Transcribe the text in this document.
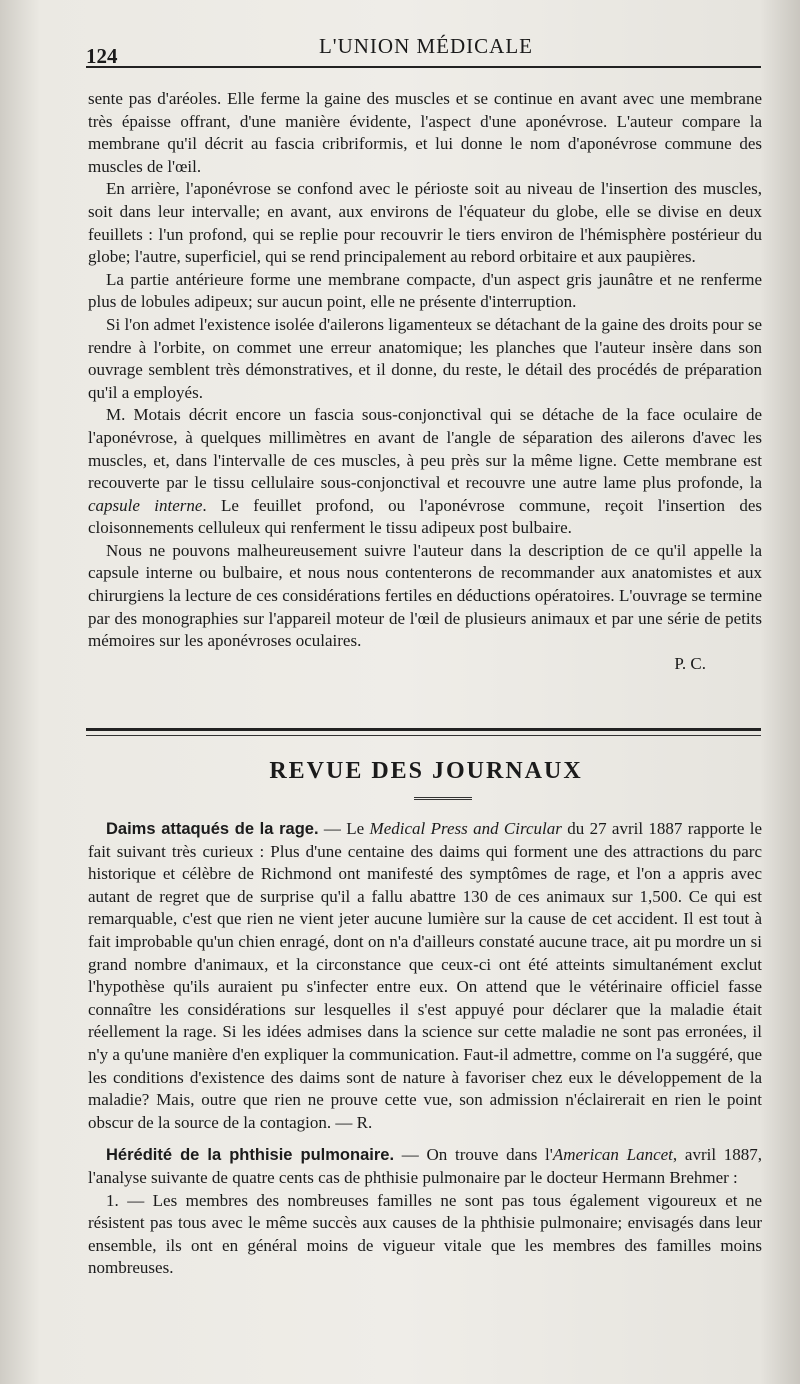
124	L'UNION MÉDICALE

sente pas d'aréoles. Elle ferme la gaine des muscles et se continue en avant avec une membrane très épaisse offrant, d'une manière évidente, l'aspect d'une aponévrose. L'auteur compare la membrane qu'il décrit au fascia cribriformis, et lui donne le nom d'aponévrose commune des muscles de l'œil.

En arrière, l'aponévrose se confond avec le périoste soit au niveau de l'insertion des muscles, soit dans leur intervalle; en avant, aux environs de l'équateur du globe, elle se divise en deux feuillets : l'un profond, qui se replie pour recouvrir le tiers environ de l'hémisphère postérieur du globe; l'autre, superficiel, qui se rend principalement au rebord orbitaire et aux paupières.

La partie antérieure forme une membrane compacte, d'un aspect gris jaunâtre et ne renferme plus de lobules adipeux; sur aucun point, elle ne présente d'interruption.

Si l'on admet l'existence isolée d'ailerons ligamenteux se détachant de la gaine des droits pour se rendre à l'orbite, on commet une erreur anatomique; les planches que l'auteur insère dans son ouvrage semblent très démonstratives, et il donne, du reste, le détail des procédés de préparation qu'il a employés.

M. Motais décrit encore un fascia sous-conjonctival qui se détache de la face oculaire de l'aponévrose, à quelques millimètres en avant de l'angle de séparation des ailerons d'avec les muscles, et, dans l'intervalle de ces muscles, à peu près sur la même ligne. Cette membrane est recouverte par le tissu cellulaire sous-conjonctival et recouvre une autre lame plus profonde, la capsule interne. Le feuillet profond, ou l'aponévrose commune, reçoit l'insertion des cloisonnements celluleux qui renferment le tissu adipeux post bulbaire.

Nous ne pouvons malheureusement suivre l'auteur dans la description de ce qu'il appelle la capsule interne ou bulbaire, et nous nous contenterons de recommander aux anatomistes et aux chirurgiens la lecture de ces considérations fertiles en déductions opératoires. L'ouvrage se termine par des monographies sur l'appareil moteur de l'œil de plusieurs animaux et par une série de petits mémoires sur les aponévroses oculaires.

P. C.

REVUE DES JOURNAUX

Daims attaqués de la rage. — Le Medical Press and Circular du 27 avril 1887 rapporte le fait suivant très curieux : Plus d'une centaine des daims qui forment une des attractions du parc historique et célèbre de Richmond ont manifesté des symptômes de rage, et l'on a appris avec autant de regret que de surprise qu'il a fallu abattre 130 de ces animaux sur 1,500. Ce qui est remarquable, c'est que rien ne vient jeter aucune lumière sur la cause de cet accident. Il est tout à fait improbable qu'un chien enragé, dont on n'a d'ailleurs constaté aucune trace, ait pu mordre un si grand nombre d'animaux, et la circonstance que ceux-ci ont été atteints simultanément exclut l'hypothèse qu'ils auraient pu s'infecter entre eux. On attend que le vétérinaire officiel fasse connaître les considérations sur lesquelles il s'est appuyé pour déclarer que la maladie était réellement la rage. Si les idées admises dans la science sur cette maladie ne sont pas erronées, il n'y a qu'une manière d'en expliquer la communication. Faut-il admettre, comme on l'a suggéré, que les conditions d'existence des daims sont de nature à favoriser chez eux le développement de la maladie? Mais, outre que rien ne prouve cette vue, son admission n'éclairerait en rien le point obscur de la source de la contagion. — R.

Hérédité de la phthisie pulmonaire. — On trouve dans l'American Lancet, avril 1887, l'analyse suivante de quatre cents cas de phthisie pulmonaire par le docteur Hermann Brehmer :

1. — Les membres des nombreuses familles ne sont pas tous également vigoureux et ne résistent pas tous avec le même succès aux causes de la phthisie pulmonaire; envisagés dans leur ensemble, ils ont en général moins de vigueur vitale que les membres des familles moins nombreuses.
